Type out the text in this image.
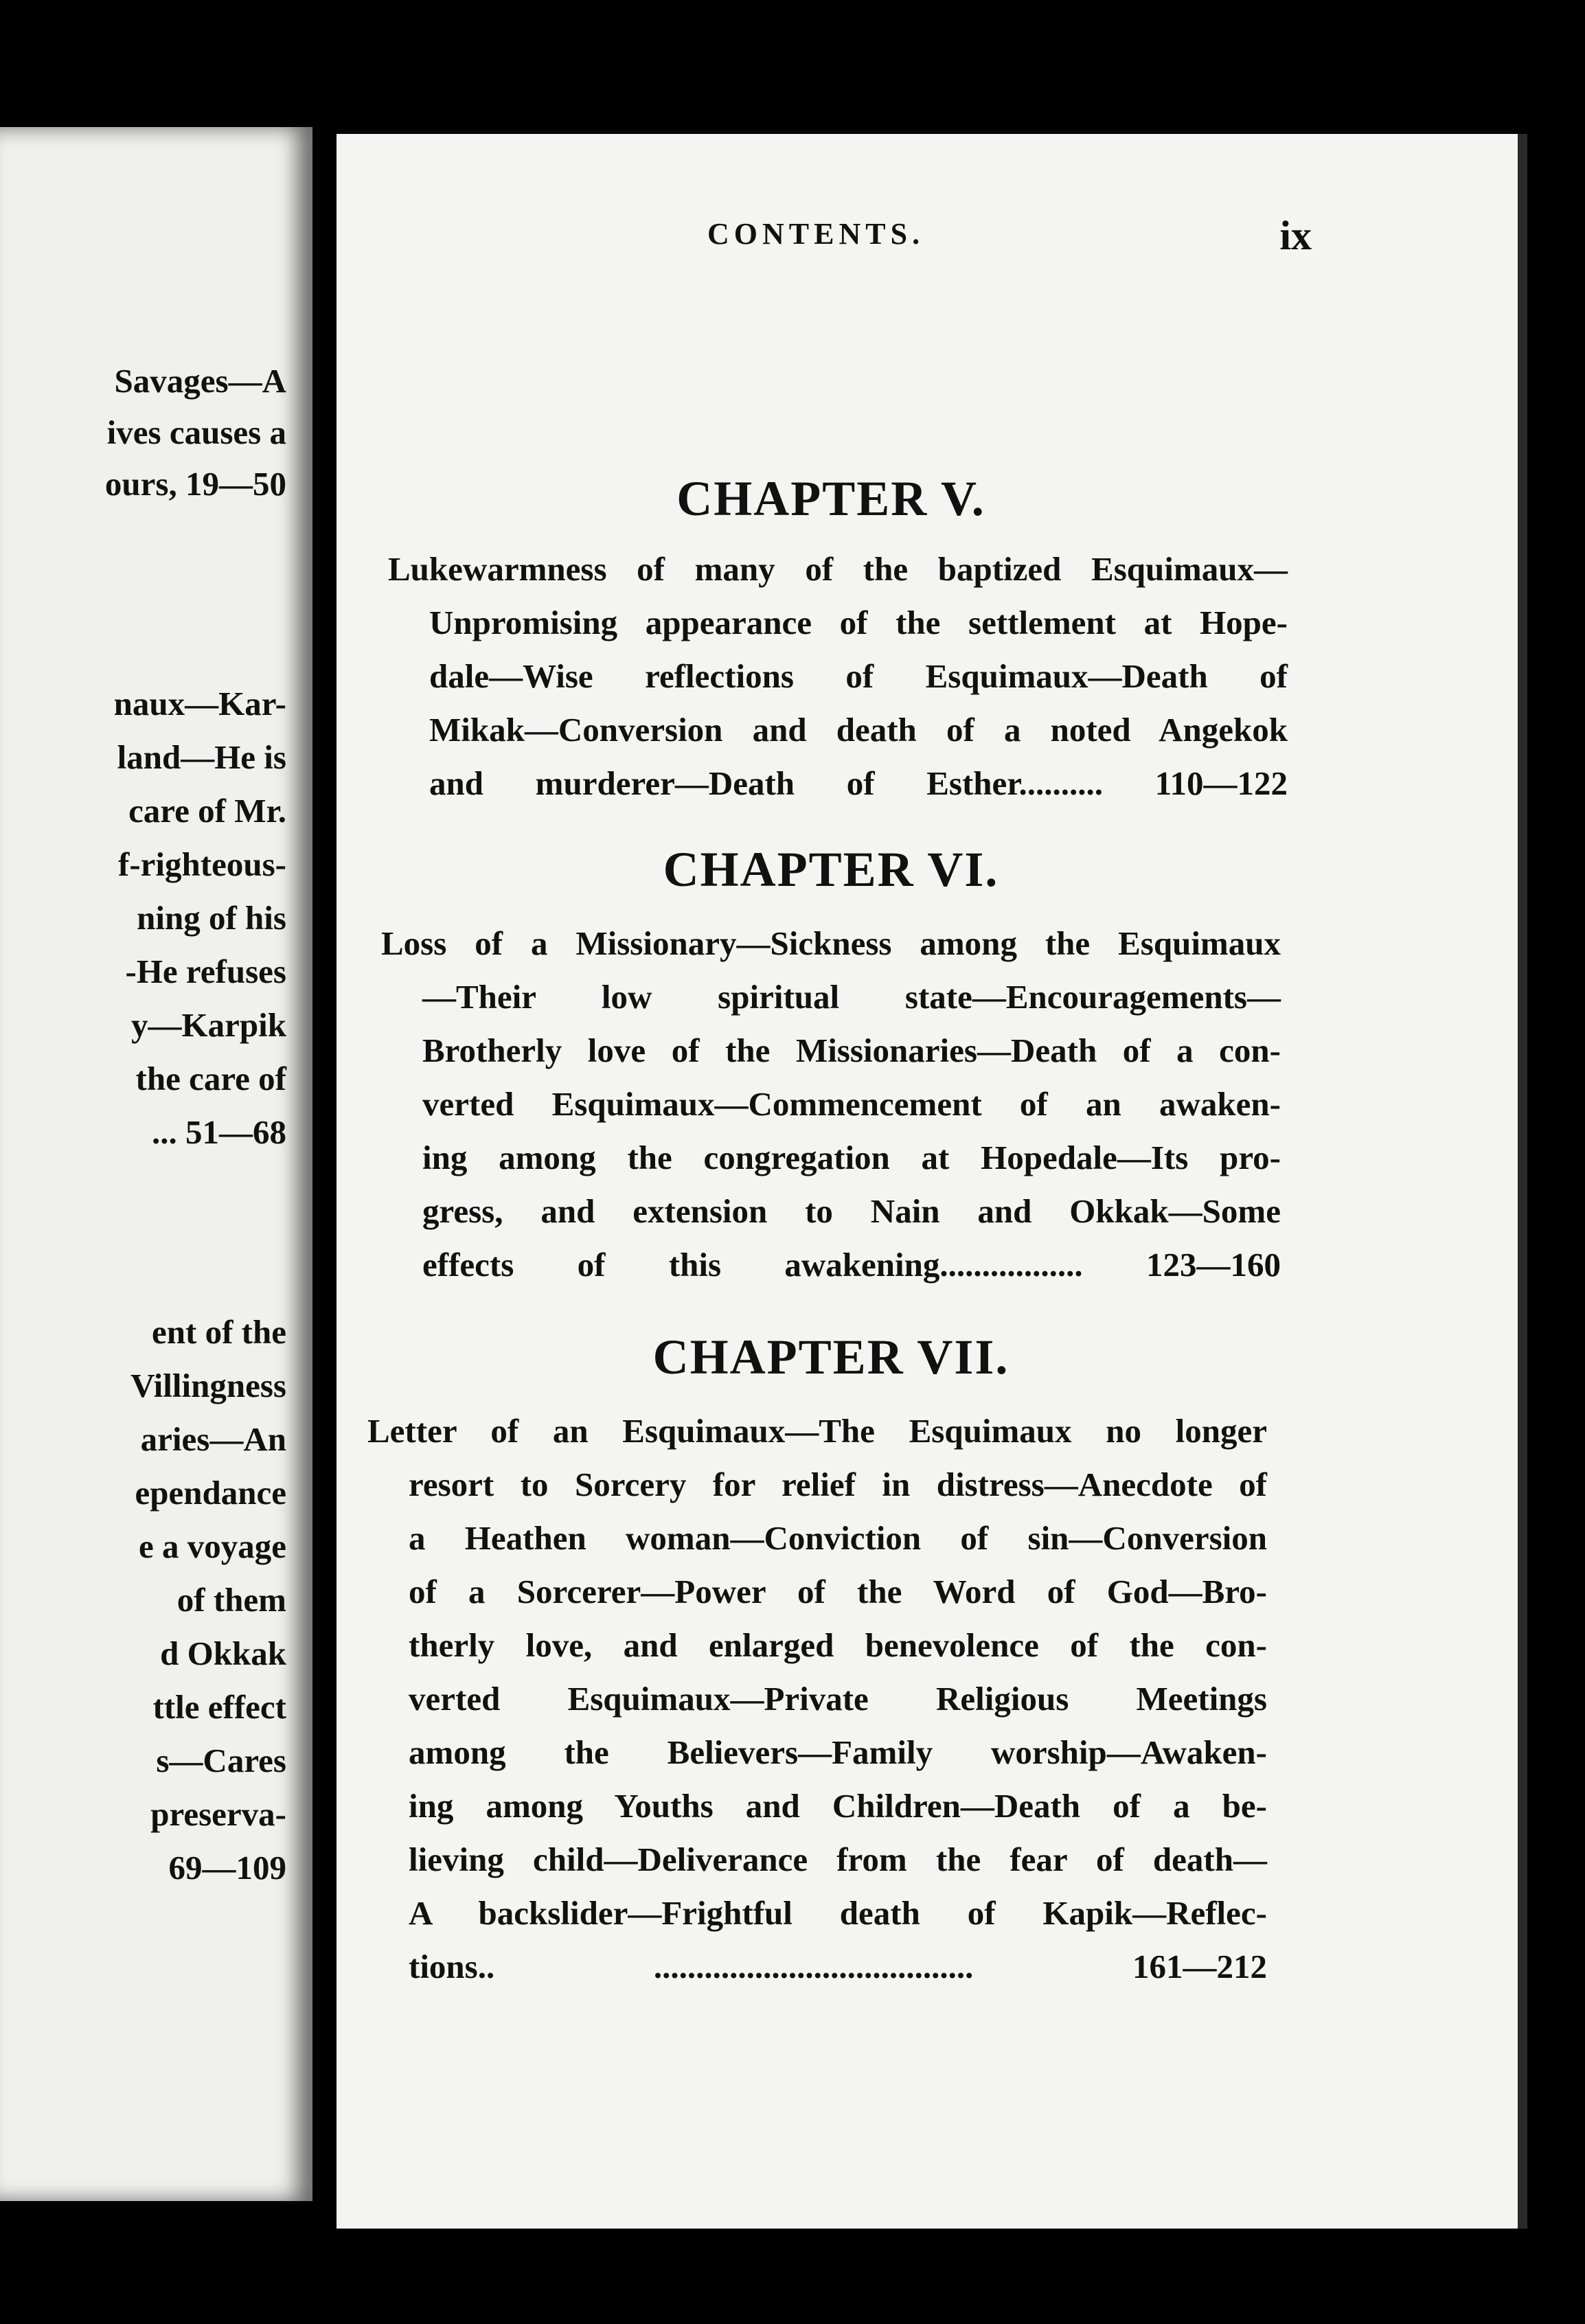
Savages—A
ives causes a
ours, 19—50
naux—Kar-
land—He is
care of Mr.
f-righteous-
ning of his
-He refuses
y—Karpik
the care of
... 51—68
ent of the
Villingness
aries—An
ependance
e a voyage
of them
d Okkak
ttle effect
s—Cares
preserva-
69—109
CONTENTS.	ix
CHAPTER V.
Lukewarmness of many of the baptized Esquimaux—
Unpromising appearance of the settlement at Hope-
dale—Wise reflections of Esquimaux—Death of
Mikak—Conversion and death of a noted Angekok
and murderer—Death of Esther.......... 110—122
CHAPTER VI.
Loss of a Missionary—Sickness among the Esquimaux
—Their low spiritual state—Encouragements—
Brotherly love of the Missionaries—Death of a con-
verted Esquimaux—Commencement of an awaken-
ing among the congregation at Hopedale—Its pro-
gress, and extension to Nain and Okkak—Some
effects of this awakening................. 123—160
CHAPTER VII.
Letter of an Esquimaux—The Esquimaux no longer
resort to Sorcery for relief in distress—Anecdote of
a Heathen woman—Conviction of sin—Conversion
of a Sorcerer—Power of the Word of God—Bro-
therly love, and enlarged benevolence of the con-
verted Esquimaux—Private Religious Meetings
among the Believers—Family worship—Awaken-
ing among Youths and Children—Death of a be-
lieving child—Deliverance from the fear of death—
A backslider—Frightful death of Kapik—Reflec-
tions.. ...................................... 161—212
